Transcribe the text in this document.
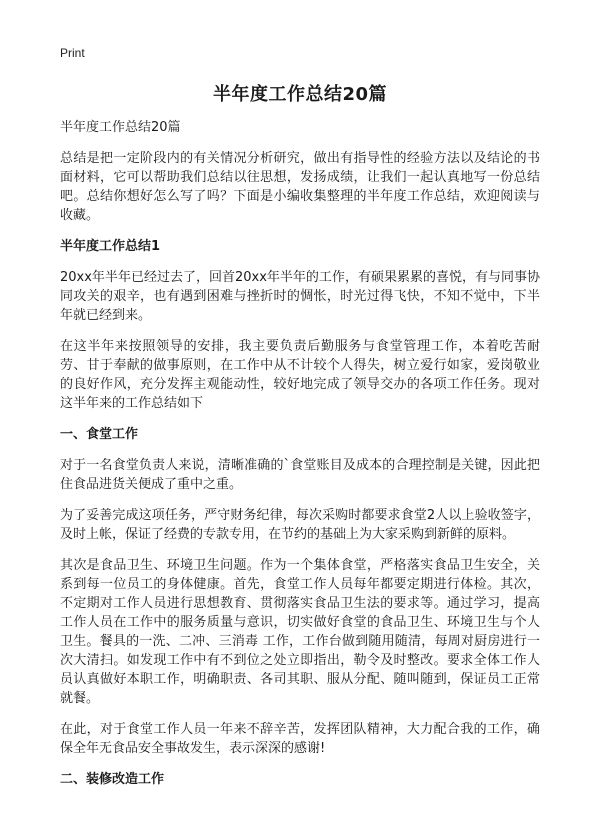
Print
半年度工作总结20篇

半年度工作总结20篇

总结是把一定阶段内的有关情况分析研究，做出有指导性的经验方法以及结论的书面材料，它可以帮助我们总结以往思想，发扬成绩，让我们一起认真地写一份总结吧。总结你想好怎么写了吗？下面是小编收集整理的半年度工作总结，欢迎阅读与收藏。

半年度工作总结1

20xx年半年已经过去了，回首20xx年半年的工作，有硕果累累的喜悦，有与同事协同攻关的艰辛，也有遇到困难与挫折时的惆怅，时光过得飞快，不知不觉中，下半年就已经到来。

在这半年来按照领导的安排，我主要负责后勤服务与食堂管理工作，本着吃苦耐劳、甘于奉献的做事原则，在工作中从不计较个人得失，树立爱行如家，爱岗敬业的良好作风，充分发挥主观能动性，较好地完成了领导交办的各项工作任务。现对这半年来的工作总结如下

一、食堂工作

对于一名食堂负责人来说，清晰准确的`食堂账目及成本的合理控制是关键，因此把住食品进货关便成了重中之重。

为了妥善完成这项任务，严守财务纪律，每次采购时都要求食堂2人以上验收签字，及时上帐，保证了经费的专款专用，在节约的基础上为大家采购到新鲜的原料。

其次是食品卫生、环境卫生问题。作为一个集体食堂，严格落实食品卫生安全，关系到每一位员工的身体健康。首先，食堂工作人员每年都要定期进行体检。其次，不定期对工作人员进行思想教育、贯彻落实食品卫生法的要求等。通过学习，提高工作人员在工作中的服务质量与意识，切实做好食堂的食品卫生、环境卫生与个人卫生。餐具的一洗、二冲、三消毒 工作，工作台做到随用随清，每周对厨房进行一次大清扫。如发现工作中有不到位之处立即指出，勒令及时整改。要求全体工作人员认真做好本职工作，明确职责、各司其职、服从分配、随叫随到，保证员工正常就餐。

在此，对于食堂工作人员一年来不辞辛苦，发挥团队精神，大力配合我的工作，确保全年无食品安全事故发生，表示深深的感谢!

二、装修改造工作
